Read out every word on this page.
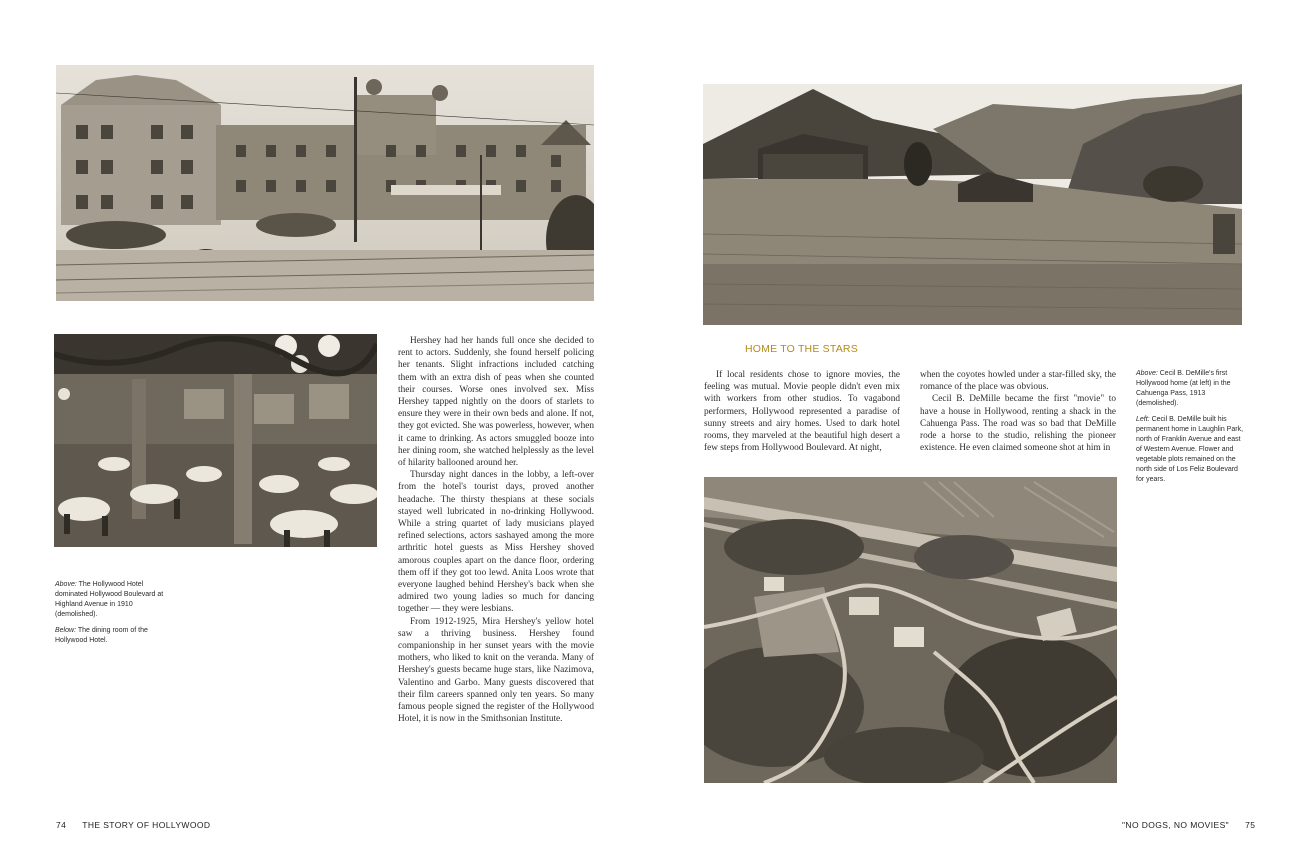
Above: The Hollywood Hotel dominated Hollywood Boulevard at Highland Avenue in 1910 (demolished).

Below: The dining room of the Hollywood Hotel.

Hershey had her hands full once she decided to rent to actors. Suddenly, she found herself policing her tenants. Slight infractions included catching them with an extra dish of peas when she counted their courses. Worse ones involved sex. Miss Hershey tapped nightly on the doors of starlets to ensure they were in their own beds and alone. If not, they got evicted. She was powerless, however, when it came to drinking. As actors smuggled booze into her dining room, she watched helplessly as the level of hilarity ballooned around her.

Thursday night dances in the lobby, a left-over from the hotel's tourist days, proved another headache. The thirsty thespians at these socials stayed well lubricated in no-drinking Hollywood. While a string quartet of lady musicians played refined selections, actors sashayed among the more arthritic hotel guests as Miss Hershey shoved amorous couples apart on the dance floor, ordering them off if they got too lewd. Anita Loos wrote that everyone laughed behind Hershey's back when she admired two young ladies so much for dancing together — they were lesbians.

From 1912-1925, Mira Hershey's yellow hotel saw a thriving business. Hershey found companionship in her sunset years with the movie mothers, who liked to knit on the veranda. Many of Hershey's guests became huge stars, like Nazimova, Valentino and Garbo. Many guests discovered that their film careers spanned only ten years. So many famous people signed the register of the Hollywood Hotel, it is now in the Smithsonian Institute.

74 THE STORY OF HOLLYWOOD
HOME TO THE STARS

If local residents chose to ignore movies, the feeling was mutual. Movie people didn't even mix with workers from other studios. To vagabond performers, Hollywood represented a paradise of sunny streets and airy homes. Used to dark hotel rooms, they marveled at the beautiful high desert a few steps from Hollywood Boulevard. At night,

when the coyotes howled under a star-filled sky, the romance of the place was obvious.

Cecil B. DeMille became the first "movie" to have a house in Hollywood, renting a shack in the Cahuenga Pass. The road was so bad that DeMille rode a horse to the studio, relishing the pioneer existence. He even claimed someone shot at him in

Above: Cecil B. DeMille's first Hollywood home (at left) in the Cahuenga Pass, 1913 (demolished).

Left: Cecil B. DeMille built his permanent home in Laughlin Park, north of Franklin Avenue and east of Western Avenue. Flower and vegetable plots remained on the north side of Los Feliz Boulevard for years.

"NO DOGS, NO MOVIES" 75
